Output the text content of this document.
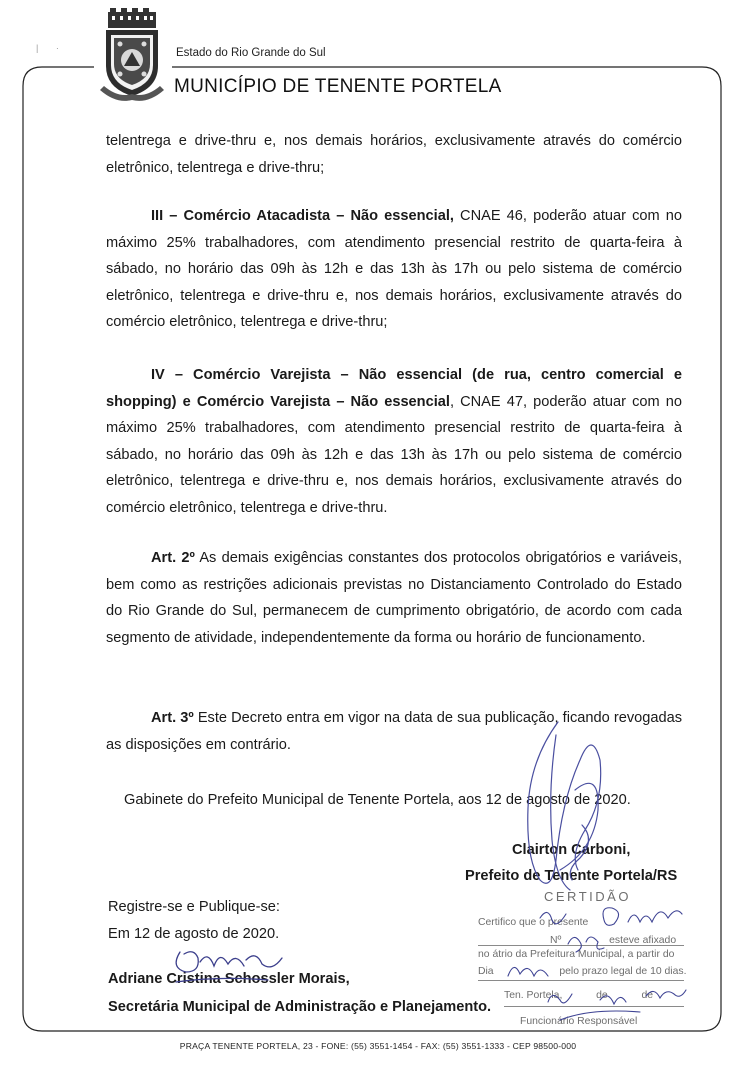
|       ·	Estado do Rio Grande do Sul
MUNICÍPIO DE TENENTE PORTELA

telentrega e drive-thru e, nos demais horários, exclusivamente através do comércio eletrônico, telentrega e drive-thru;

III – Comércio Atacadista – Não essencial, CNAE 46, poderão atuar com no máximo 25% trabalhadores, com atendimento presencial restrito de quarta-feira à sábado, no horário das 09h às 12h e das 13h às 17h ou pelo sistema de comércio eletrônico, telentrega e drive-thru e, nos demais horários, exclusivamente através do comércio eletrônico, telentrega e drive-thru;

IV – Comércio Varejista – Não essencial (de rua, centro comercial e shopping) e Comércio Varejista – Não essencial, CNAE 47, poderão atuar com no máximo 25% trabalhadores, com atendimento presencial restrito de quarta-feira à sábado, no horário das 09h às 12h e das 13h às 17h ou pelo sistema de comércio eletrônico, telentrega e drive-thru e, nos demais horários, exclusivamente através do comércio eletrônico, telentrega e drive-thru.

Art. 2º As demais exigências constantes dos protocolos obrigatórios e variáveis, bem como as restrições adicionais previstas no Distanciamento Controlado do Estado do Rio Grande do Sul, permanecem de cumprimento obrigatório, de acordo com cada segmento de atividade, independentemente da forma ou horário de funcionamento.

Art. 3º Este Decreto entra em vigor na data de sua publicação, ficando revogadas as disposições em contrário.

Gabinete do Prefeito Municipal de Tenente Portela, aos 12 de agosto de 2020.
Clairton Carboni,
Prefeito de Tenente Portela/RS
Registre-se e Publique-se:
Em 12 de agosto de 2020.
Adriane Cristina Schossler Morais,
Secretária Municipal de Administração e Planejamento.
CERTIDÃO
Certifico que o presente
Nº	esteve afixado
no átrio da Prefeitura Municipal, a partir do
Dia	pelo prazo legal de 10 dias.
Ten. Portela,	de	de
Funcionário Responsável
PRAÇA TENENTE PORTELA, 23 - FONE: (55) 3551-1454 - FAX: (55) 3551-1333 - CEP 98500-000
